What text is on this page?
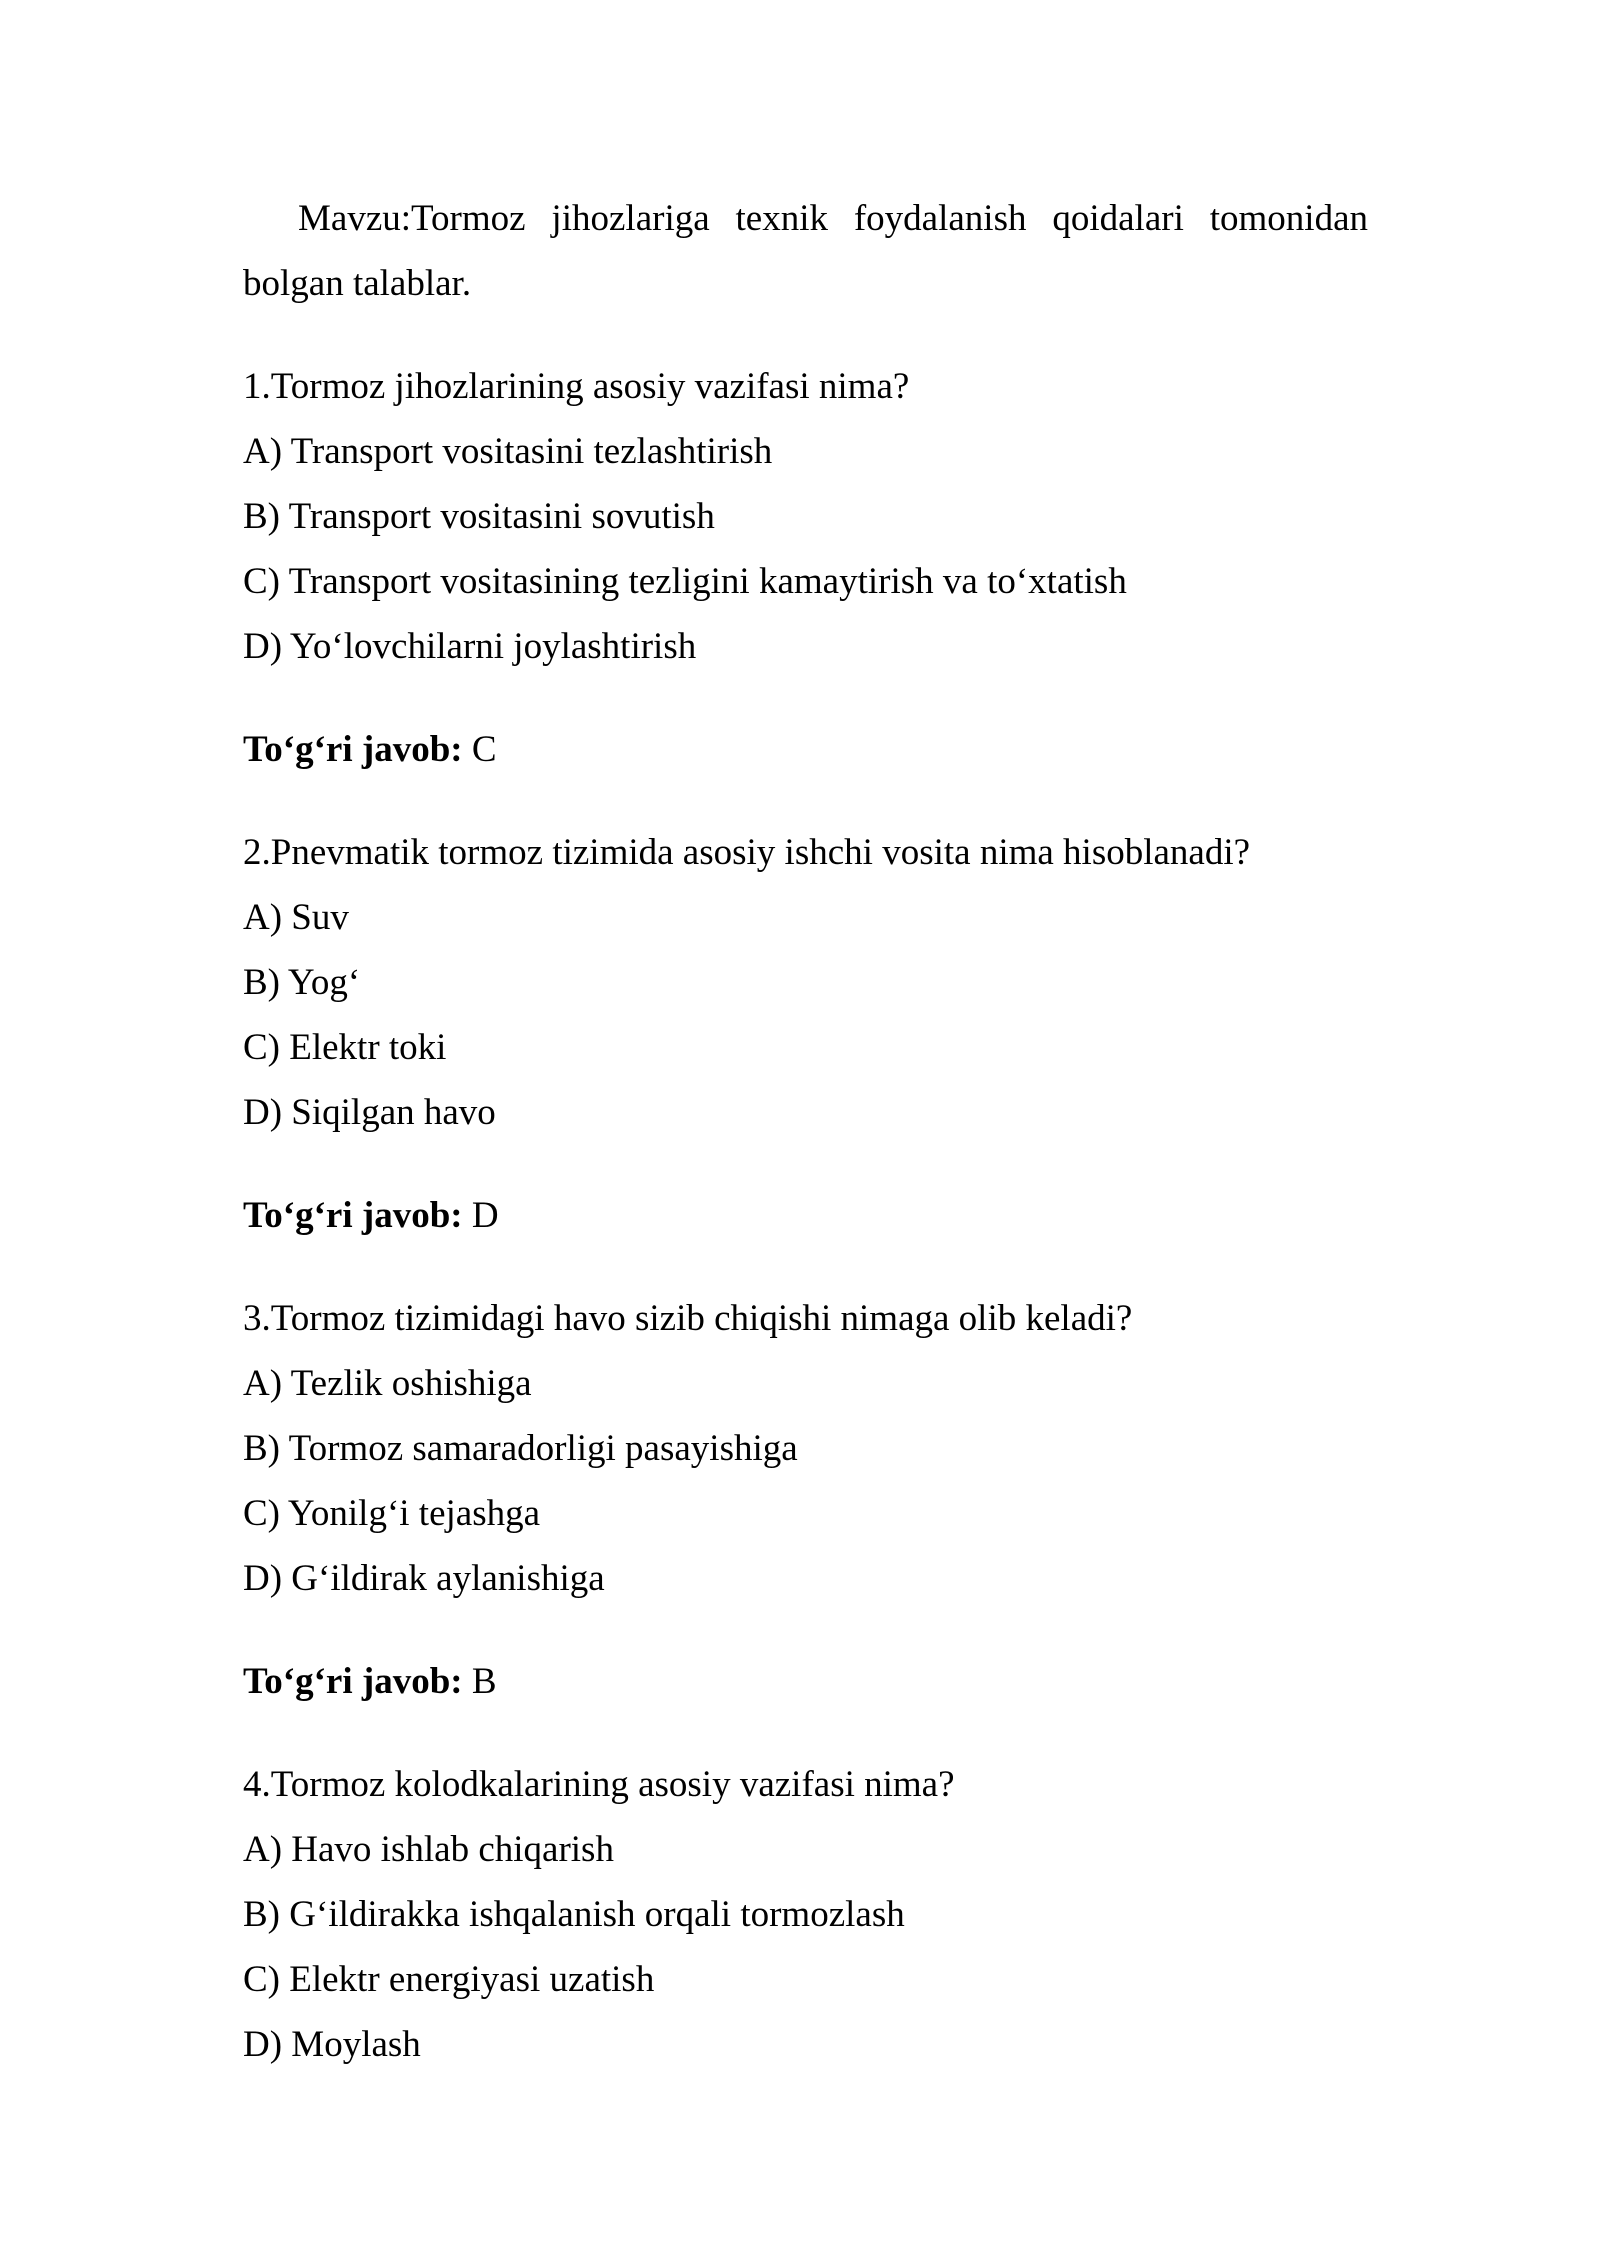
Mavzu:Tormoz jihozlariga texnik foydalanish qoidalari tomonidan bolgan talablar.

1.Tormoz jihozlarining asosiy vazifasi nima?
A) Transport vositasini tezlashtirish
B) Transport vositasini sovutish
C) Transport vositasining tezligini kamaytirish va to‘xtatish
D) Yo‘lovchilarni joylashtirish
To‘g‘ri javob: C
2.Pnevmatik tormoz tizimida asosiy ishchi vosita nima hisoblanadi?
A) Suv
B) Yog‘
C) Elektr toki
D) Siqilgan havo
To‘g‘ri javob: D
3.Tormoz tizimidagi havo sizib chiqishi nimaga olib keladi?
A) Tezlik oshishiga
B) Tormoz samaradorligi pasayishiga
C) Yonilg‘i tejashga
D) G‘ildirak aylanishiga
To‘g‘ri javob: B
4.Tormoz kolodkalarining asosiy vazifasi nima?
A) Havo ishlab chiqarish
B) G‘ildirakka ishqalanish orqali tormozlash
C) Elektr energiyasi uzatish
D) Moylash
